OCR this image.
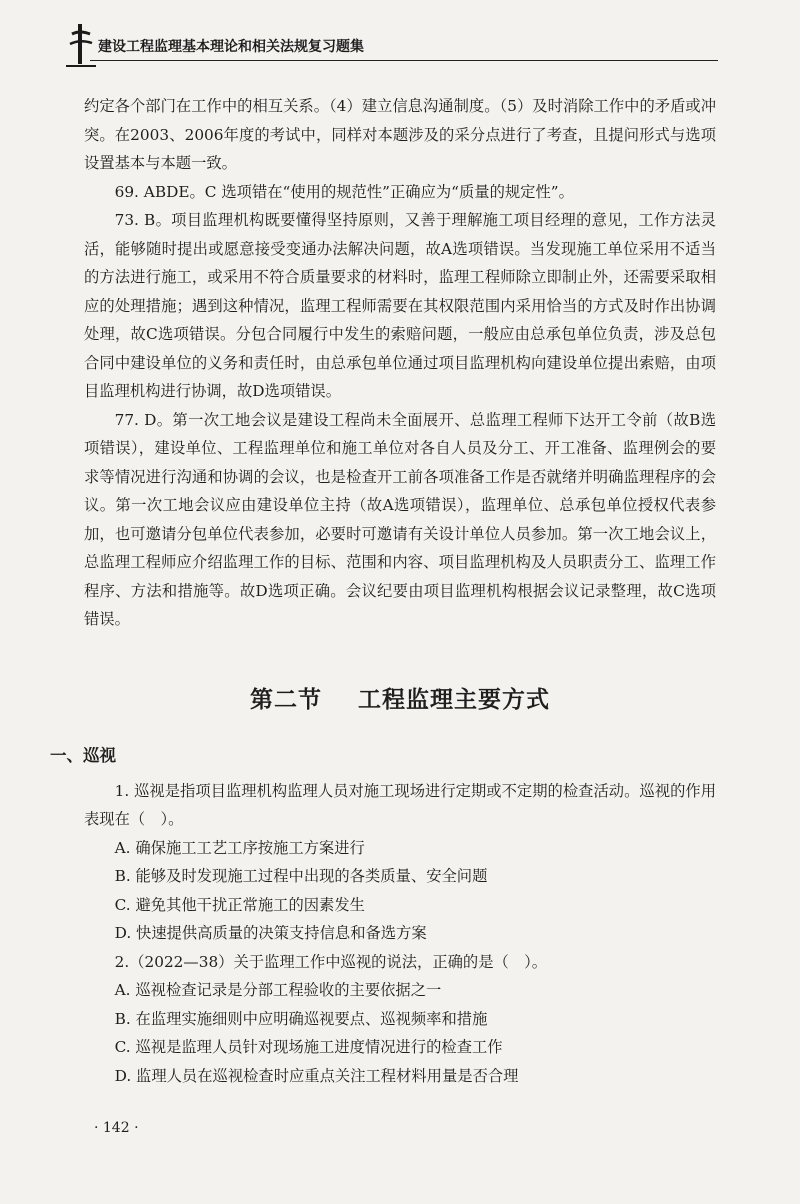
建设工程监理基本理论和相关法规复习题集

约定各个部门在工作中的相互关系。（4）建立信息沟通制度。（5）及时消除工作中的矛盾或冲突。在2003、2006年度的考试中，同样对本题涉及的采分点进行了考查，且提问形式与选项设置基本与本题一致。

69. ABDE。C 选项错在“使用的规范性”正确应为“质量的规定性”。

73. B。项目监理机构既要懂得坚持原则，又善于理解施工项目经理的意见，工作方法灵活，能够随时提出或愿意接受变通办法解决问题，故A选项错误。当发现施工单位采用不适当的方法进行施工，或采用不符合质量要求的材料时，监理工程师除立即制止外，还需要采取相应的处理措施；遇到这种情况，监理工程师需要在其权限范围内采用恰当的方式及时作出协调处理，故C选项错误。分包合同履行中发生的索赔问题，一般应由总承包单位负责，涉及总包合同中建设单位的义务和责任时，由总承包单位通过项目监理机构向建设单位提出索赔，由项目监理机构进行协调，故D选项错误。

77. D。第一次工地会议是建设工程尚未全面展开、总监理工程师下达开工令前（故B选项错误），建设单位、工程监理单位和施工单位对各自人员及分工、开工准备、监理例会的要求等情况进行沟通和协调的会议，也是检查开工前各项准备工作是否就绪并明确监理程序的会议。第一次工地会议应由建设单位主持（故A选项错误），监理单位、总承包单位授权代表参加，也可邀请分包单位代表参加，必要时可邀请有关设计单位人员参加。第一次工地会议上，总监理工程师应介绍监理工作的目标、范围和内容、项目监理机构及人员职责分工、监理工作程序、方法和措施等。故D选项正确。会议纪要由项目监理机构根据会议记录整理，故C选项错误。

第二节 工程监理主要方式
一、巡视

1. 巡视是指项目监理机构监理人员对施工现场进行定期或不定期的检查活动。巡视的作用表现在（　）。

A. 确保施工工艺工序按施工方案进行

B. 能够及时发现施工过程中出现的各类质量、安全问题

C. 避免其他干扰正常施工的因素发生

D. 快速提供高质量的决策支持信息和备选方案

2.（2022—38）关于监理工作中巡视的说法，正确的是（　）。

A. 巡视检查记录是分部工程验收的主要依据之一

B. 在监理实施细则中应明确巡视要点、巡视频率和措施

C. 巡视是监理人员针对现场施工进度情况进行的检查工作

D. 监理人员在巡视检查时应重点关注工程材料用量是否合理

· 142 ·
